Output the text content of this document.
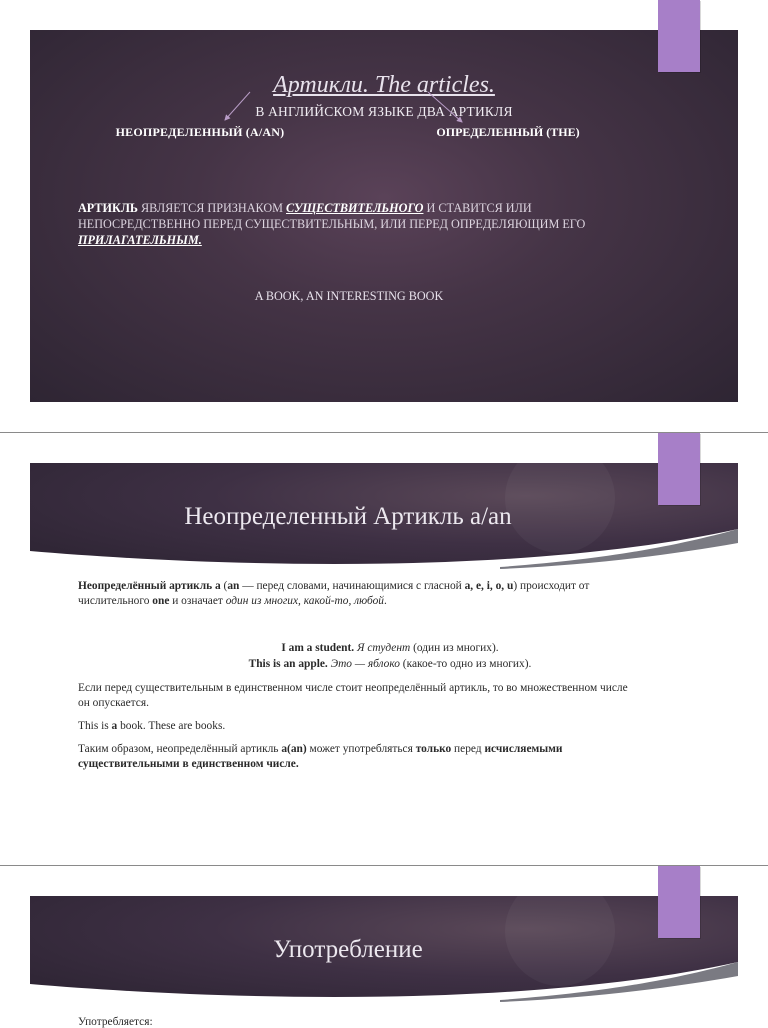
Артикли. The articles.
В АНГЛИЙСКОМ ЯЗЫКЕ ДВА АРТИКЛЯ
НЕОПРЕДЕЛЕННЫЙ (A/AN)	ОПРЕДЕЛЕННЫЙ (THE)
АРТИКЛЬ ЯВЛЯЕТСЯ ПРИЗНАКОМ СУЩЕСТВИТЕЛЬНОГО И СТАВИТСЯ ИЛИ НЕПОСРЕДСТВЕННО ПЕРЕД СУЩЕСТВИТЕЛЬНЫМ, ИЛИ ПЕРЕД ОПРЕДЕЛЯЮЩИМ ЕГО ПРИЛАГАТЕЛЬНЫМ.
A BOOK, AN INTERESTING BOOK
Неопределенный Артикль a/an
Неопределённый артикль a (an — перед словами, начинающимися с гласной a, e, i, o, u) происходит от числительного one и означает один из многих, какой-то, любой.
I am a student. Я студент (один из многих).
This is an apple. Это — яблоко (какое-то одно из многих).
Если перед существительным в единственном числе стоит неопределённый артикль, то во множественном числе он опускается.
This is a book. These are books.
Таким образом, неопределённый артикль a(an) может употребляться только перед исчисляемыми существительными в единственном числе.
Употребление
Употребляется:
